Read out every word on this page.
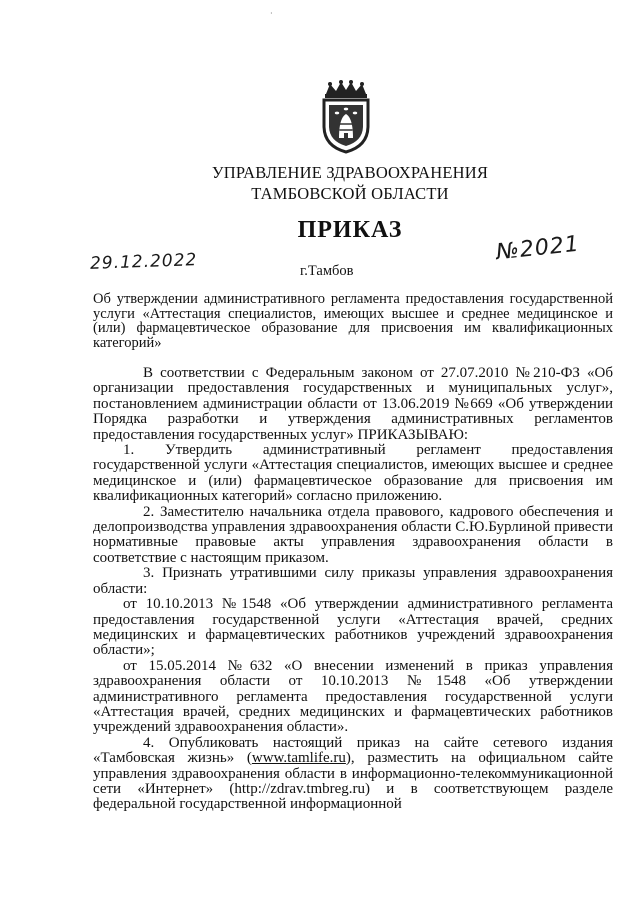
·
УПРАВЛЕНИЕ ЗДРАВООХРАНЕНИЯ
ТАМБОВСКОЙ ОБЛАСТИ
ПРИКАЗ
29.12.2022	№2021
г.Тамбов

Об утверждении административного регламента предоставления государственной услуги «Аттестация специалистов, имеющих высшее и среднее медицинское и (или) фармацевтическое образование для присвоения им квалификационных категорий»

В соответствии с Федеральным законом от 27.07.2010 №210-ФЗ «Об организации предоставления государственных и муниципальных услуг», постановлением администрации области от 13.06.2019 №669 «Об утверждении Порядка разработки и утверждения административных регламентов предоставления государственных услуг» ПРИКАЗЫВАЮ:

1. Утвердить административный регламент предоставления государственной услуги «Аттестация специалистов, имеющих высшее и среднее медицинское и (или) фармацевтическое образование для присвоения им квалификационных категорий» согласно приложению.

2. Заместителю начальника отдела правового, кадрового обеспечения и делопроизводства управления здравоохранения области С.Ю.Бурлиной привести нормативные правовые акты управления здравоохранения области в соответствие с настоящим приказом.

3. Признать утратившими силу приказы управления здравоохранения области:

от 10.10.2013 №1548 «Об утверждении административного регламента предоставления государственной услуги «Аттестация врачей, средних медицинских и фармацевтических работников учреждений здравоохранения области»;

от 15.05.2014 №632 «О внесении изменений в приказ управления здравоохранения области от 10.10.2013 №1548 «Об утверждении административного регламента предоставления государственной услуги «Аттестация врачей, средних медицинских и фармацевтических работников учреждений здравоохранения области».

4. Опубликовать настоящий приказ на сайте сетевого издания «Тамбовская жизнь» (www.tamlife.ru), разместить на официальном сайте управления здравоохранения области в информационно-телекоммуникационной сети «Интернет» (http://zdrav.tmbreg.ru) и в соответствующем разделе федеральной государственной информационной
